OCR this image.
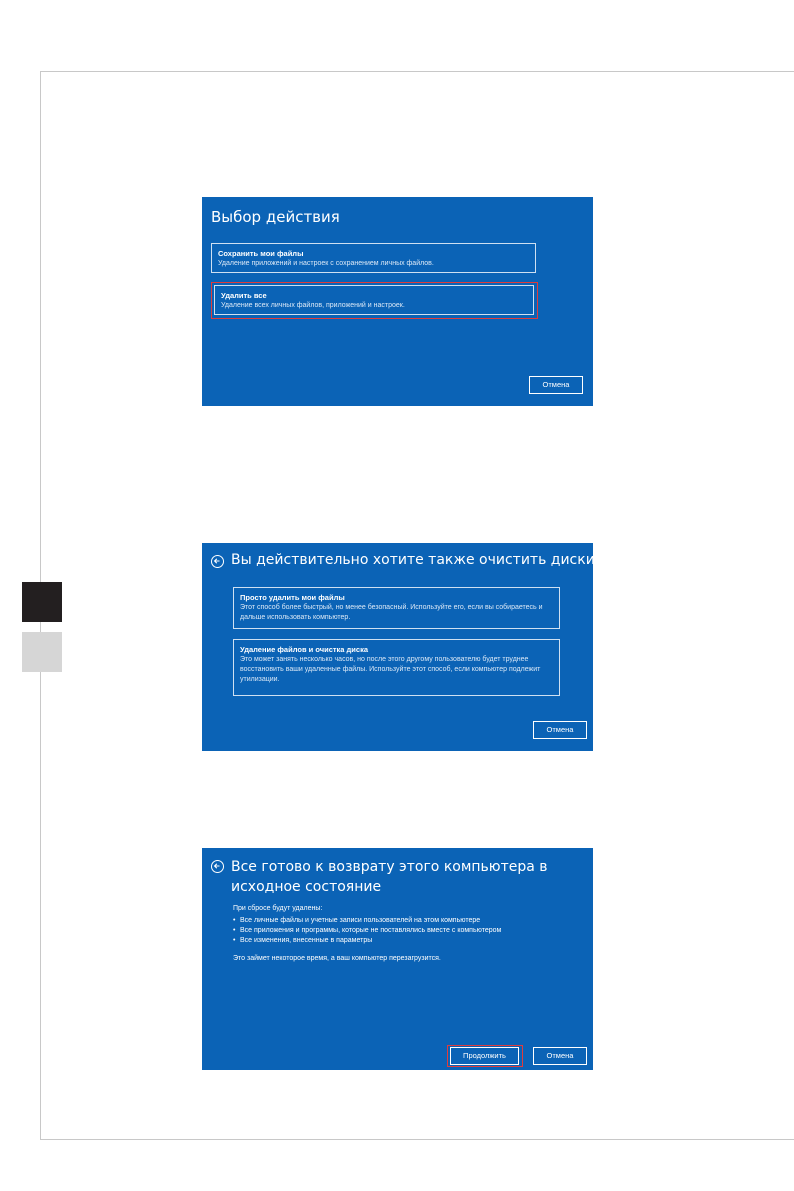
Выбор действия
Сохранить мои файлы
Удаление приложений и настроек с сохранением личных файлов.
Удалить все
Удаление всех личных файлов, приложений и настроек.
Отмена
Вы действительно хотите также очистить диски?
Просто удалить мои файлы
Этот способ более быстрый, но менее безопасный. Используйте его, если вы собираетесь и дальше использовать компьютер.
Удаление файлов и очистка диска
Это может занять несколько часов, но после этого другому пользователю будет труднее восстановить ваши удаленные файлы. Используйте этот способ, если компьютер подлежит утилизации.
Отмена
Все готово к возврату этого компьютера в исходное состояние
При сбросе будут удалены:
• Все личные файлы и учетные записи пользователей на этом компьютере
• Все приложения и программы, которые не поставлялись вместе с компьютером
• Все изменения, внесенные в параметры
Это займет некоторое время, а ваш компьютер перезагрузится.
Продолжить	Отмена
